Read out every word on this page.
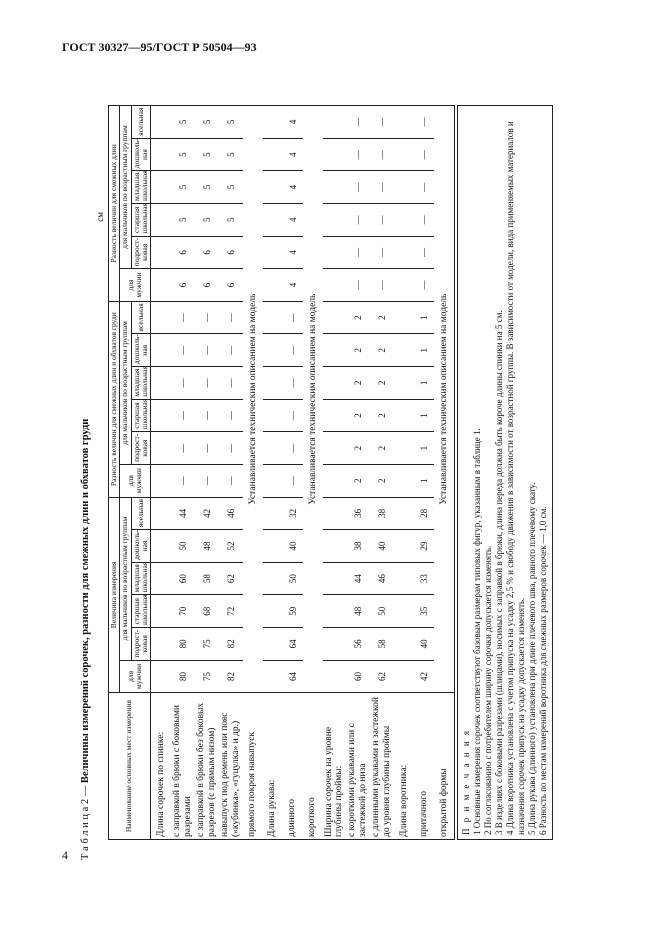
ГОСТ 30327—95/ГОСТ Р 50504—93
Т а б л и ц а 2 — Величины измерений сорочек, разности для смежных длин и обхватов груди
см
Наименование основных мест измерения	Величина измерения						Разность величин для смежных длин и обхватов груди						Разность величин для смежных длин					
	для мужчин	для мальчиков по возрастным группам					для мужчин	для мальчиков по возрастным группам					для мужчин	для мальчиков по возрастным группам				
		подрост-ковая	старшая школьная	младшая школьная	дошколь-ная	ясельная		подрост-ковая	старшая школьная	младшая школьная	дошколь-ная	ясельная		подрост-ковая	старшая школьная	младшая школьная	дошколь-ная	ясельная
Длина сорочек по спинке:																		
с заправкой в брюки с боковыми разрезами	80	80	70	60	50	44	—	—	—	—	—	—	6	6	5	5	5	5
с заправкой в брюки без боковых разрезов (с прямым низом)	75	75	68	58	48	42	—	—	—	—	—	—	6	6	5	5	5	5
навыпуск под ремень или пояс («кубинка», «гуцулка» и др.)	82	82	72	62	52	46	—	—	—	—	—	—	6	6	5	5	5	5
прямого покроя навыпуск	Устанавливается техническим описанием на модель																	
Длина рукава:																		
длинного	64	64	59	50	40	32	—	—	—	—	—	—	4	4	4	4	4	4
короткого	Устанавливается техническим описанием на модель																	
Ширина сорочек на уровне глубины проймы:																		
с короткими рукавами или с застежкой до низа	60	56	48	44	38	36	2	2	2	2	2	2	—	—	—	—	—	—
с длинными рукавами и застежкой до уровня глубины проймы	62	58	50	46	40	38	2	2	2	2	2	2	—	—	—	—	—	—
Длина воротника:																		
притачного	42	40	35	33	29	28	1	1	1	1	1	1	—	—	—	—	—	—
открытой формы	Устанавливается техническим описанием на модель																	
П р и м е ч а н и я 1 Основные измерения сорочек соответствуют базовым размерам типовых фигур, указанным в таблице 1. 2 По согласованию с потребителем ширину сорочки допускается изменять. 3 В изделиях с боковыми разрезами (шлицами), носимых с заправкой в брюки, длина переда должна быть короче длины спинки на 5 см. 4 Длина воротника установлена с учетом припуска на усадку 2,5 % и свободу движения в зависимости от возрастной группы. В зависимости от модели, вида применяемых материалов и назначения сорочек припуск на усадку допускается изменять. 5 Длина рукава (длинного) установлена при длине плечевого шва, равного плечевому скату. 6 Разность по местам измерений воротника для смежных размеров сорочек — 1,0 см.
4
